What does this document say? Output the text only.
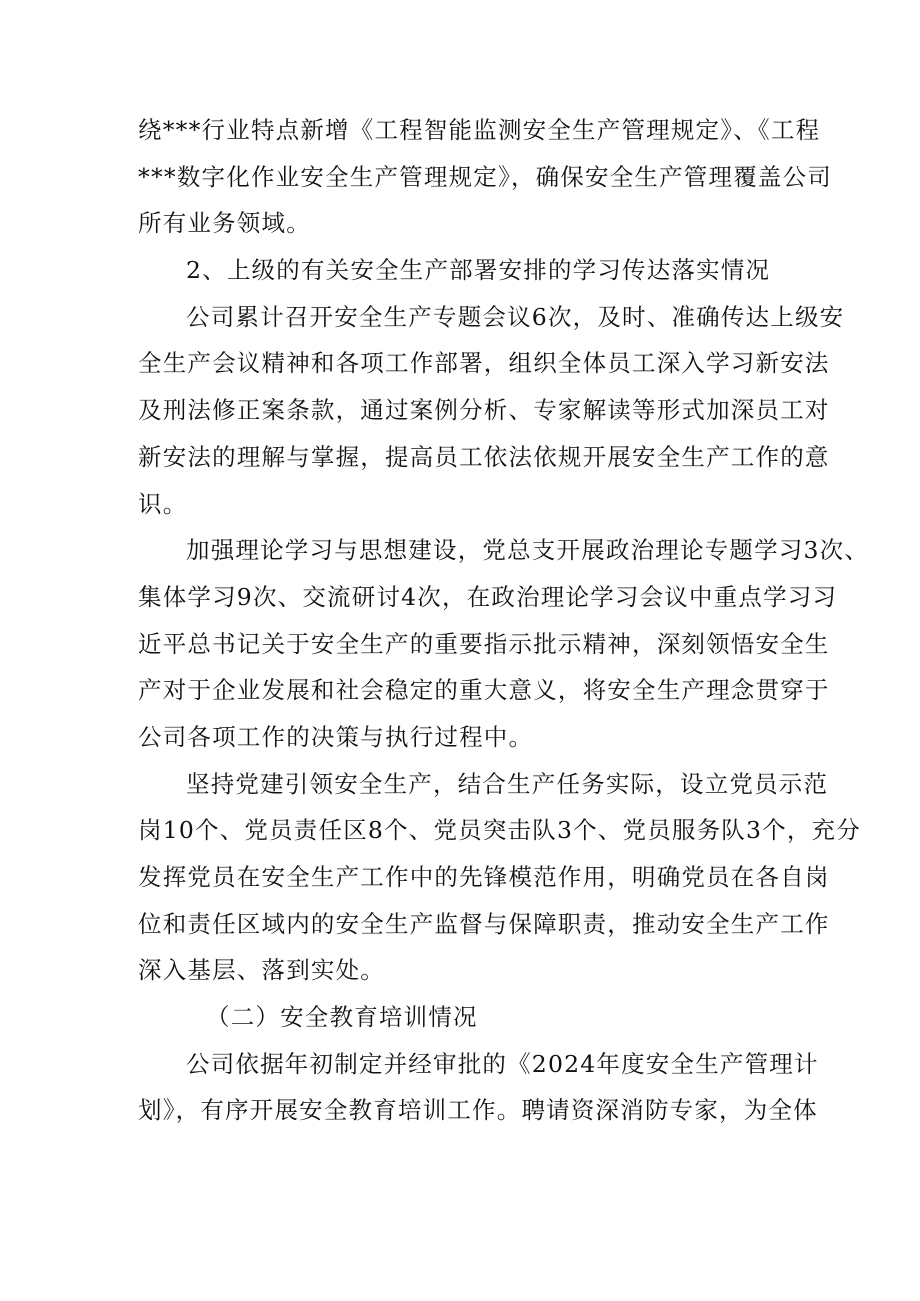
绕***行业特点新增《工程智能监测安全生产管理规定》、《工程
***数字化作业安全生产管理规定》，确保安全生产管理覆盖公司
所有业务领域。
2、上级的有关安全生产部署安排的学习传达落实情况
公司累计召开安全生产专题会议6次，及时、准确传达上级安
全生产会议精神和各项工作部署，组织全体员工深入学习新安法
及刑法修正案条款，通过案例分析、专家解读等形式加深员工对
新安法的理解与掌握，提高员工依法依规开展安全生产工作的意
识。
加强理论学习与思想建设，党总支开展政治理论专题学习3次、
集体学习9次、交流研讨4次，在政治理论学习会议中重点学习习
近平总书记关于安全生产的重要指示批示精神，深刻领悟安全生
产对于企业发展和社会稳定的重大意义，将安全生产理念贯穿于
公司各项工作的决策与执行过程中。
坚持党建引领安全生产，结合生产任务实际，设立党员示范
岗10个、党员责任区8个、党员突击队3个、党员服务队3个，充分
发挥党员在安全生产工作中的先锋模范作用，明确党员在各自岗
位和责任区域内的安全生产监督与保障职责，推动安全生产工作
深入基层、落到实处。
（二）安全教育培训情况
公司依据年初制定并经审批的《2024年度安全生产管理计
划》，有序开展安全教育培训工作。聘请资深消防专家，为全体
